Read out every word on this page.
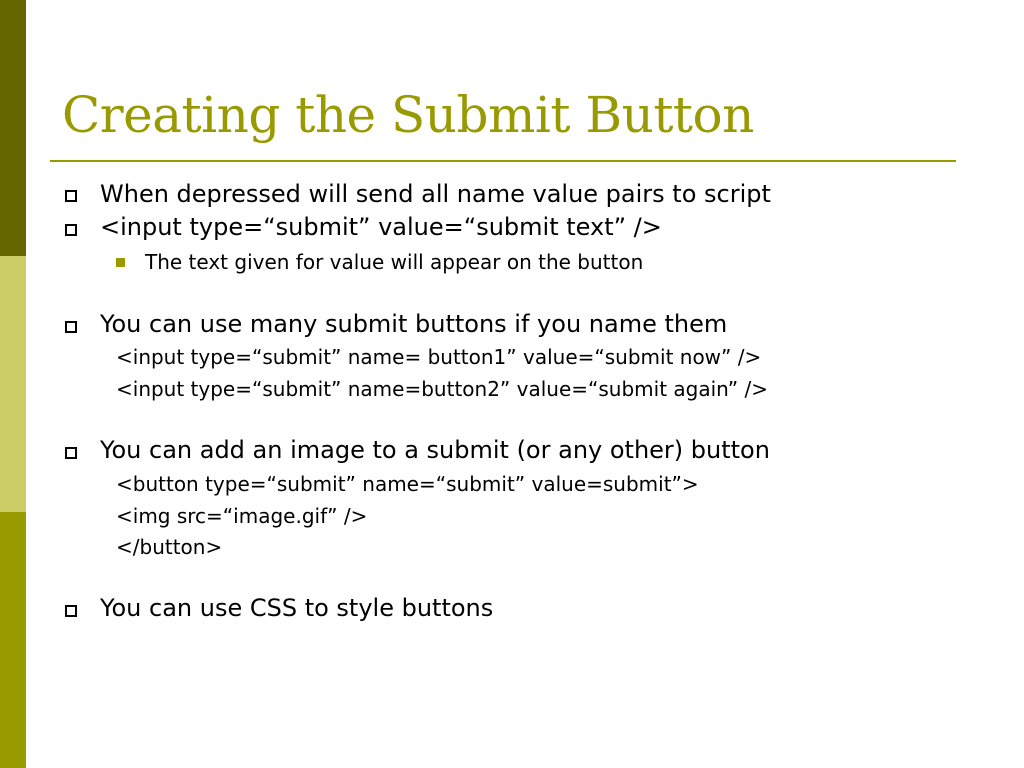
Creating the Submit Button
When depressed will send all name value pairs to script
<input type=“submit” value=“submit text” />
The text given for value will appear on the button
You can use many submit buttons if you name them
<input type=“submit” name= button1” value=“submit now” />
<input type=“submit” name=button2” value=“submit again” />
You can add an image to a submit (or any other) button
<button type=“submit” name=“submit” value=submit”>
<img src=“image.gif” />
</button>
You can use CSS to style buttons
